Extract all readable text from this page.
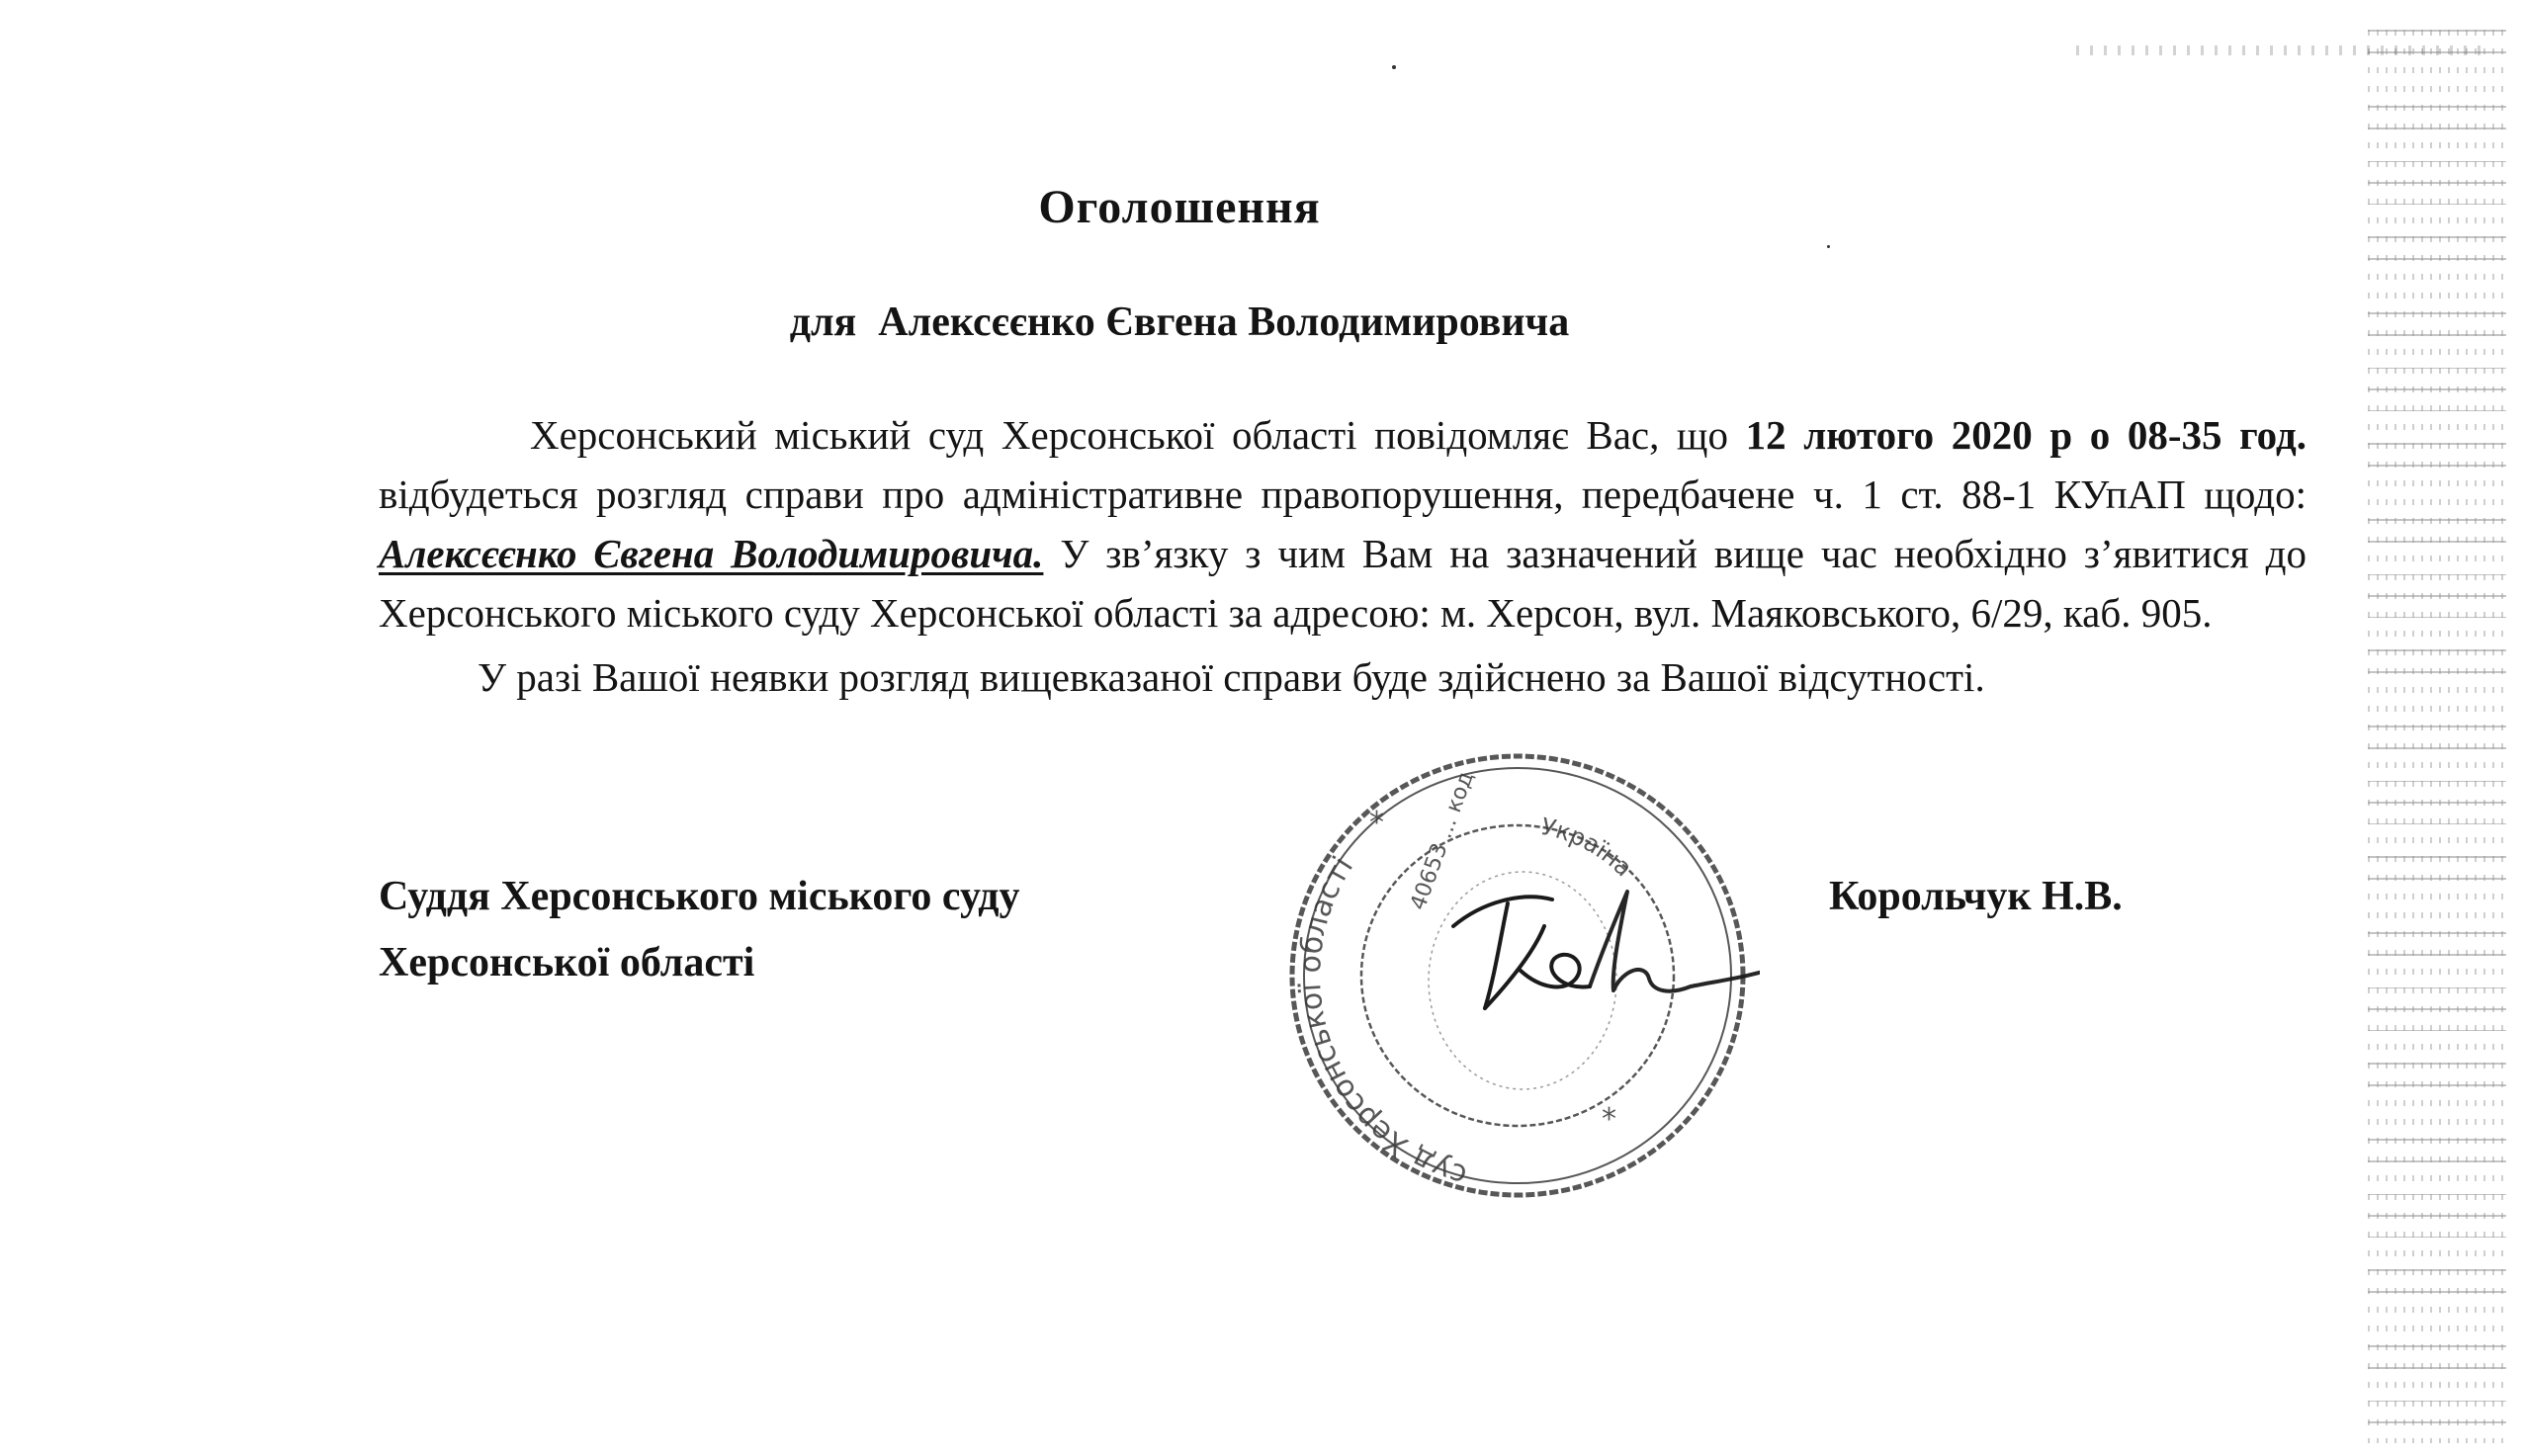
Оголошення
для Алексєєнко Євгена Володимировича

Херсонський міський суд Херсонської області повідомляє Вас, що 12 лютого 2020 р о 08-35 год. відбудеться розгляд справи про адміністративне правопорушення, передбачене ч. 1 ст. 88-1 КУпАП щодо: Алексєєнко Євгена Володимировича. У зв’язку з чим Вам на зазначений вище час необхідно з’явитися до Херсонського міського суду Херсонської області за адресою: м. Херсон, вул. Маяковського, 6/29, каб. 905.

У разі Вашої неявки розгляд вищевказаної справи буде здійснено за Вашої відсутності.

Суддя Херсонського міського суду
Херсонської області
Корольчук Н.В.
суд Херсонської області
Україна
40653 ... код
*
*
